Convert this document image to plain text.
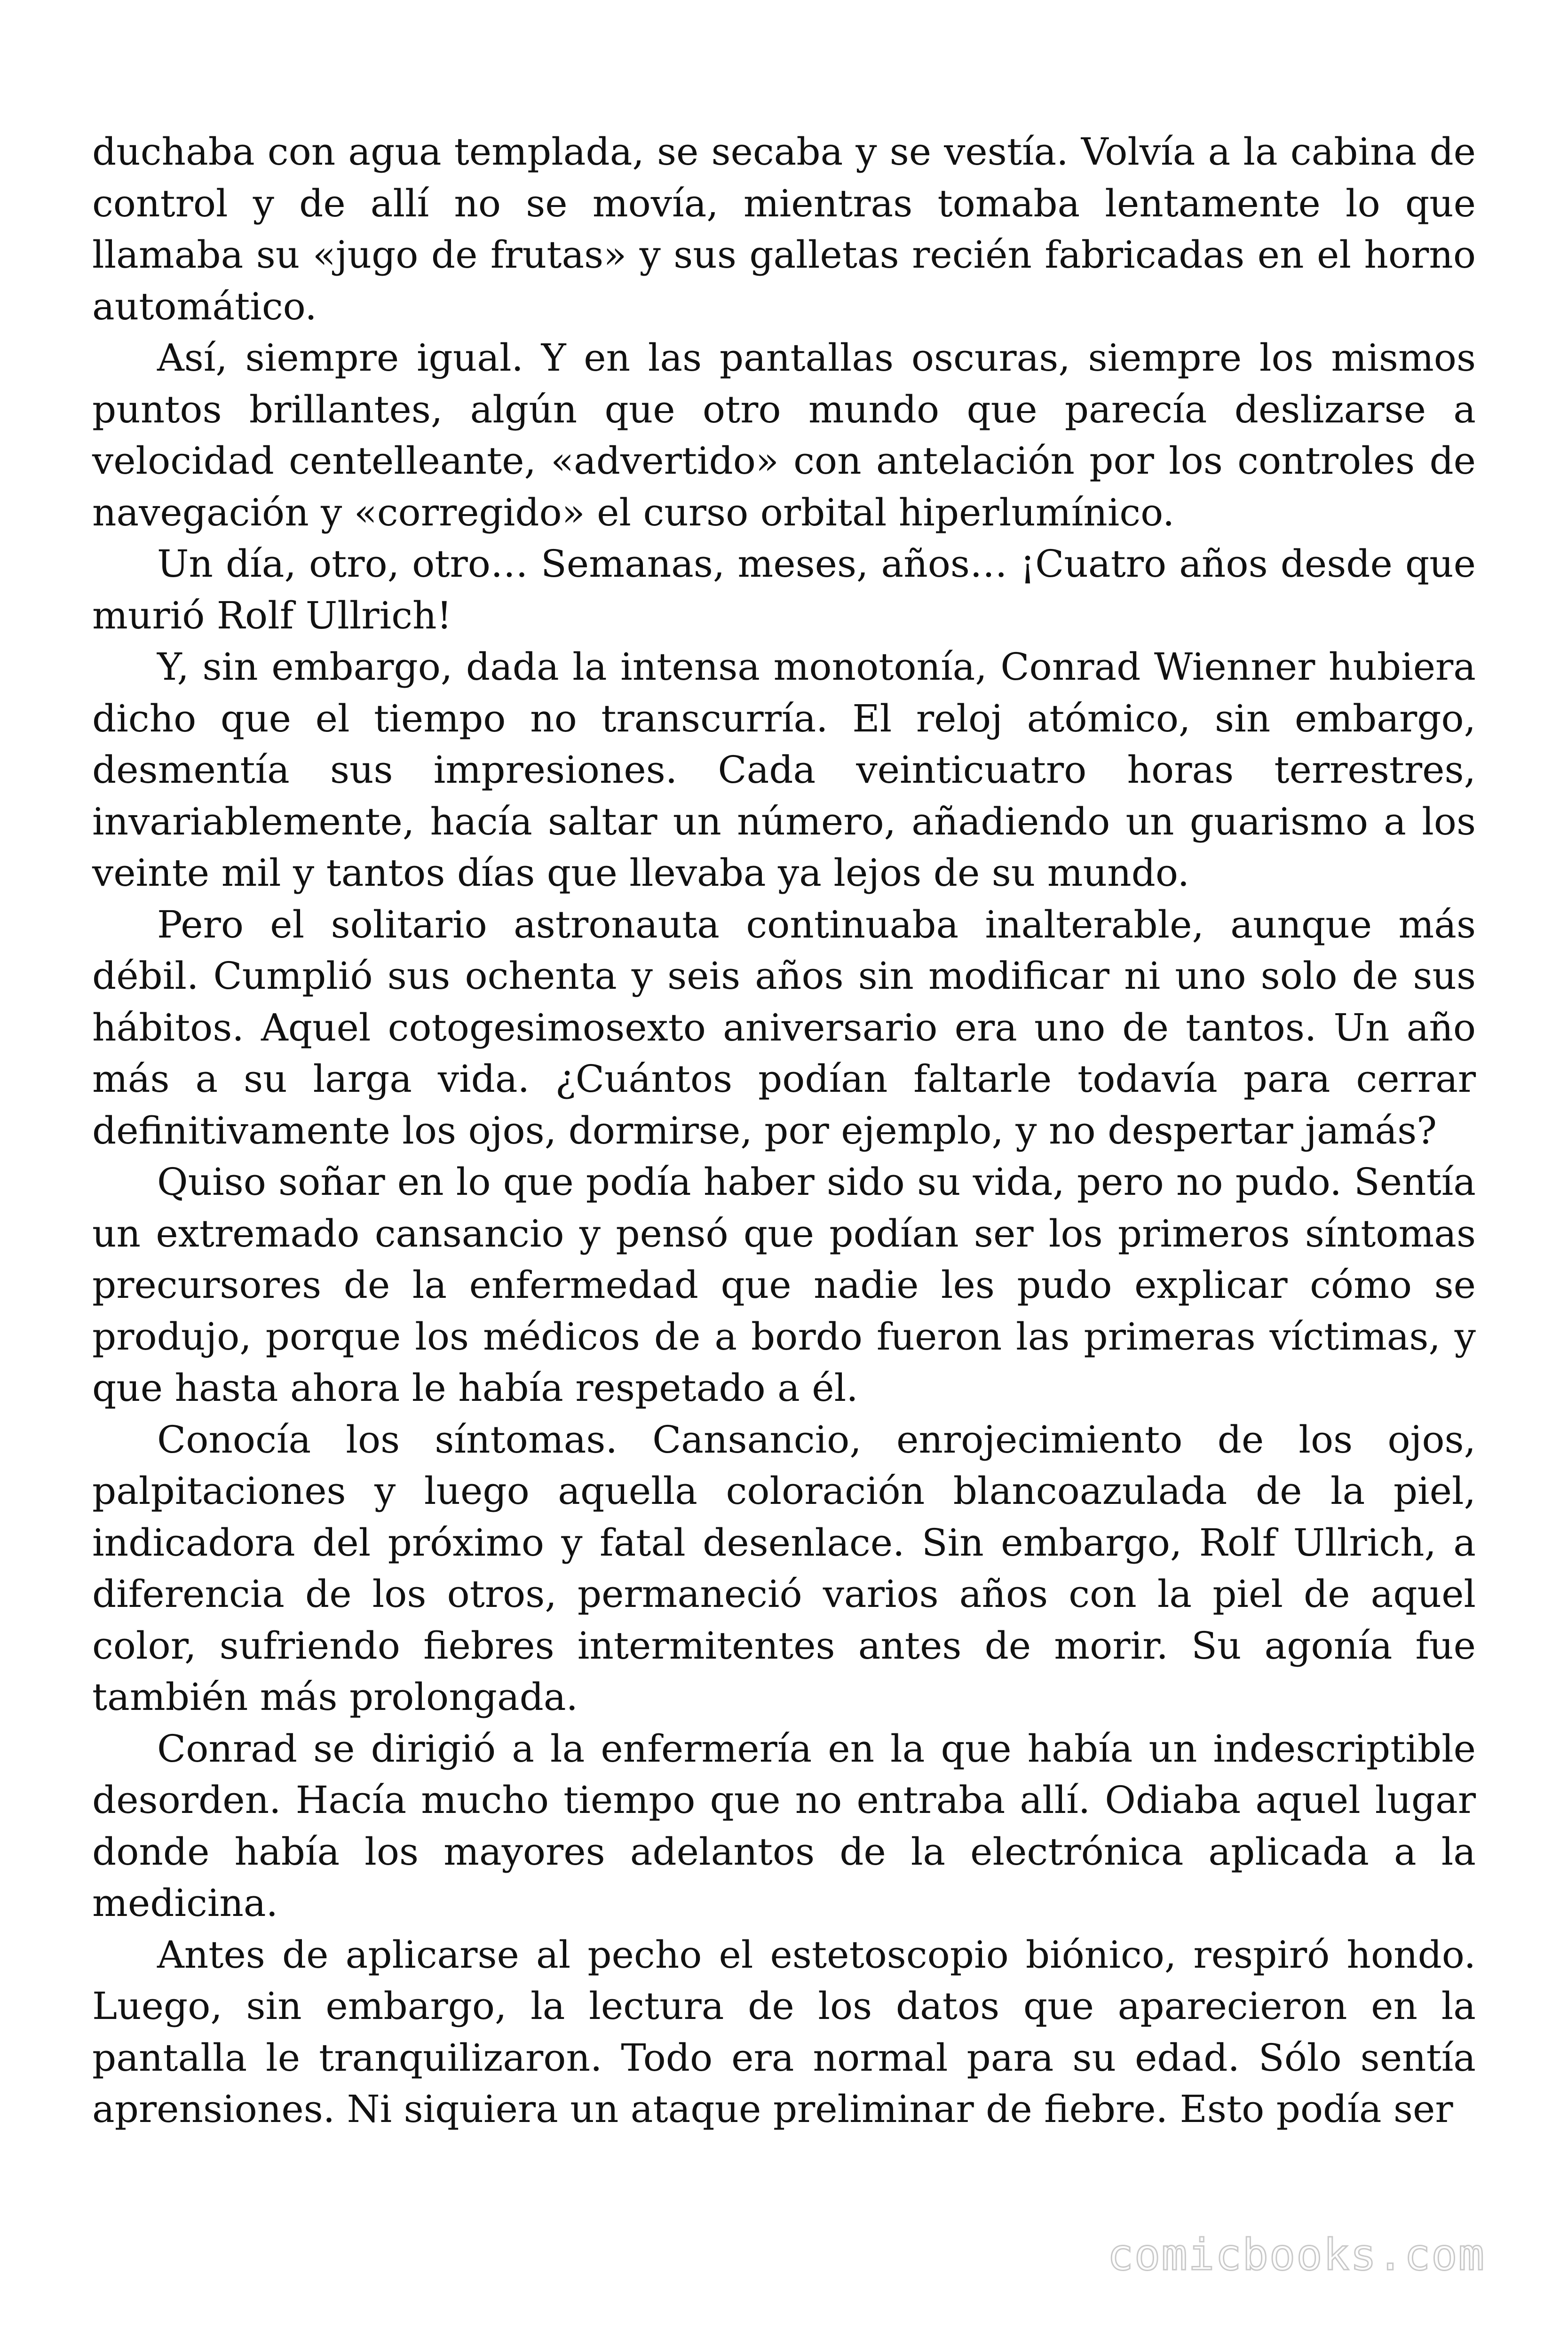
duchaba con agua templada, se secaba y se vestía. Volvía a la cabina de control y de allí no se movía, mientras tomaba lentamente lo que llamaba su «jugo de frutas» y sus galletas recién fabricadas en el horno automático.

Así, siempre igual. Y en las pantallas oscuras, siempre los mismos puntos brillantes, algún que otro mundo que parecía deslizarse a velocidad centelleante, «advertido» con antelación por los controles de navegación y «corregido» el curso orbital hiperlumínico.

Un día, otro, otro… Semanas, meses, años… ¡Cuatro años desde que murió Rolf Ullrich!

Y, sin embargo, dada la intensa monotonía, Conrad Wienner hubiera dicho que el tiempo no transcurría. El reloj atómico, sin embargo, desmentía sus impresiones. Cada veinticuatro horas terrestres, invariablemente, hacía saltar un número, añadiendo un guarismo a los veinte mil y tantos días que llevaba ya lejos de su mundo.

Pero el solitario astronauta continuaba inalterable, aunque más débil. Cumplió sus ochenta y seis años sin modificar ni uno solo de sus hábitos. Aquel cotogesimosexto aniversario era uno de tantos. Un año más a su larga vida. ¿Cuántos podían faltarle todavía para cerrar definitivamente los ojos, dormirse, por ejemplo, y no despertar jamás?

Quiso soñar en lo que podía haber sido su vida, pero no pudo. Sentía un extremado cansancio y pensó que podían ser los primeros síntomas precursores de la enfermedad que nadie les pudo explicar cómo se produjo, porque los médicos de a bordo fueron las primeras víctimas, y que hasta ahora le había respetado a él.

Conocía los síntomas. Cansancio, enrojecimiento de los ojos, palpitaciones y luego aquella coloración blancoazulada de la piel, indicadora del próximo y fatal desenlace. Sin embargo, Rolf Ullrich, a diferencia de los otros, permaneció varios años con la piel de aquel color, sufriendo fiebres intermitentes antes de morir. Su agonía fue también más prolongada.

Conrad se dirigió a la enfermería en la que había un indescriptible desorden. Hacía mucho tiempo que no entraba allí. Odiaba aquel lugar donde había los mayores adelantos de la electrónica aplicada a la medicina.

Antes de aplicarse al pecho el estetoscopio biónico, respiró hondo. Luego, sin embargo, la lectura de los datos que aparecieron en la pantalla le tranquilizaron. Todo era normal para su edad. Sólo sentía aprensiones. Ni siquiera un ataque preliminar de fiebre. Esto podía ser

comicbooks.com
